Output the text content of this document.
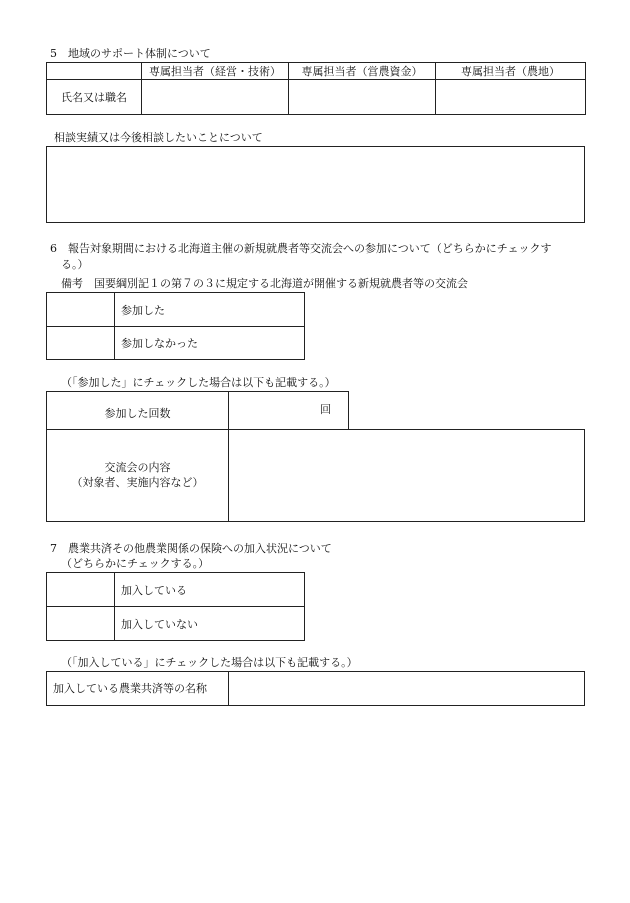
5　地域のサポート体制について
	専属担当者（経営・技術）	専属担当者（営農資金）	専属担当者（農地）
氏名又は職名			
相談実績又は今後相談したいことについて
6　報告対象期間における北海道主催の新規就農者等交流会への参加について（どちらかにチェックす
る。）
備考　国要綱別記１の第７の３に規定する北海道が開催する新規就農者等の交流会
	参加した
	参加しなかった
（「参加した」にチェックした場合は以下も記載する。）
参加した回数	回
交流会の内容
（対象者、実施内容など）
7　農業共済その他農業関係の保険への加入状況について
（どちらかにチェックする。）
	加入している
	加入していない
（「加入している」にチェックした場合は以下も記載する。）
加入している農業共済等の名称
